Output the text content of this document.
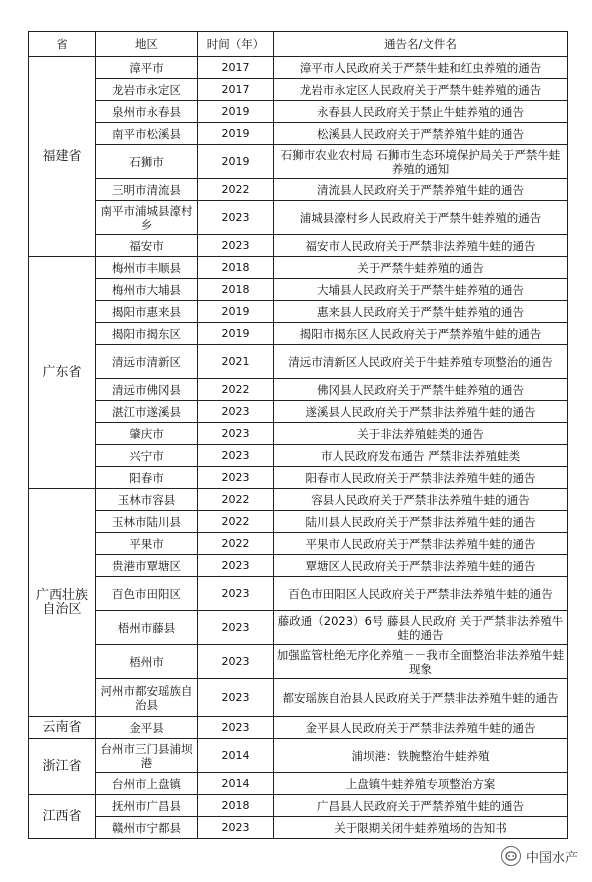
省	地区	时间（年）	通告名/文件名
福建省	漳平市	2017	漳平市人民政府关于严禁牛蛙和红虫养殖的通告
	龙岩市永定区	2017	龙岩市永定区人民政府关于严禁牛蛙养殖的通告
	泉州市永春县	2019	永春县人民政府关于禁止牛蛙养殖的通告
	南平市松溪县	2019	松溪县人民政府关于严禁养殖牛蛙的通告
	石狮市	2019	石狮市农业农村局 石狮市生态环境保护局关于严禁牛蛙养殖的通知
	三明市清流县	2022	清流县人民政府关于严禁养殖牛蛙的通告
	南平市浦城县濠村乡	2023	浦城县濠村乡人民政府关于严禁牛蛙养殖的通告
	福安市	2023	福安市人民政府关于严禁非法养殖牛蛙的通告
广东省	梅州市丰顺县	2018	关于严禁牛蛙养殖的通告
	梅州市大埔县	2018	大埔县人民政府关于严禁牛蛙养殖的通告
	揭阳市惠来县	2019	惠来县人民政府关于严禁牛蛙养殖的通告
	揭阳市揭东区	2019	揭阳市揭东区人民政府关于严禁养殖牛蛙的通告
	清远市清新区	2021	清远市清新区人民政府关于牛蛙养殖专项整治的通告
	清远市佛冈县	2022	佛冈县人民政府关于严禁牛蛙养殖的通告
	湛江市遂溪县	2023	遂溪县人民政府关于严禁非法养殖牛蛙的通告
	肇庆市	2023	关于非法养殖蛙类的通告
	兴宁市	2023	市人民政府发布通告 严禁非法养殖蛙类
	阳春市	2023	阳春市人民政府关于严禁非法养殖牛蛙的通告
广西壮族自治区	玉林市容县	2022	容县人民政府关于严禁非法养殖牛蛙的通告
	玉林市陆川县	2022	陆川县人民政府关于严禁非法养殖牛蛙的通告
	平果市	2022	平果市人民政府关于严禁非法养殖牛蛙的通告
	贵港市覃塘区	2023	覃塘区人民政府关于严禁非法养殖牛蛙的通告
	百色市田阳区	2023	百色市田阳区人民政府关于严禁非法养殖牛蛙的通告
	梧州市藤县	2023	藤政通（2023）6号 藤县人民政府 关于严禁非法养殖牛蛙的通告
	梧州市	2023	加强监管杜绝无序化养殖－－我市全面整治非法养殖牛蛙现象
	河州市都安瑶族自治县	2023	都安瑶族自治县人民政府关于严禁非法养殖牛蛙的通告
云南省	金平县	2023	金平县人民政府关于严禁非法养殖牛蛙的通告
浙江省	台州市三门县浦坝港	2014	浦坝港：铁腕整治牛蛙养殖
	台州市上盘镇	2014	上盘镇牛蛙养殖专项整治方案
江西省	抚州市广昌县	2018	广昌县人民政府关于严禁养殖牛蛙的通告
	赣州市宁都县	2023	关于限期关闭牛蛙养殖场的告知书
中国水产
